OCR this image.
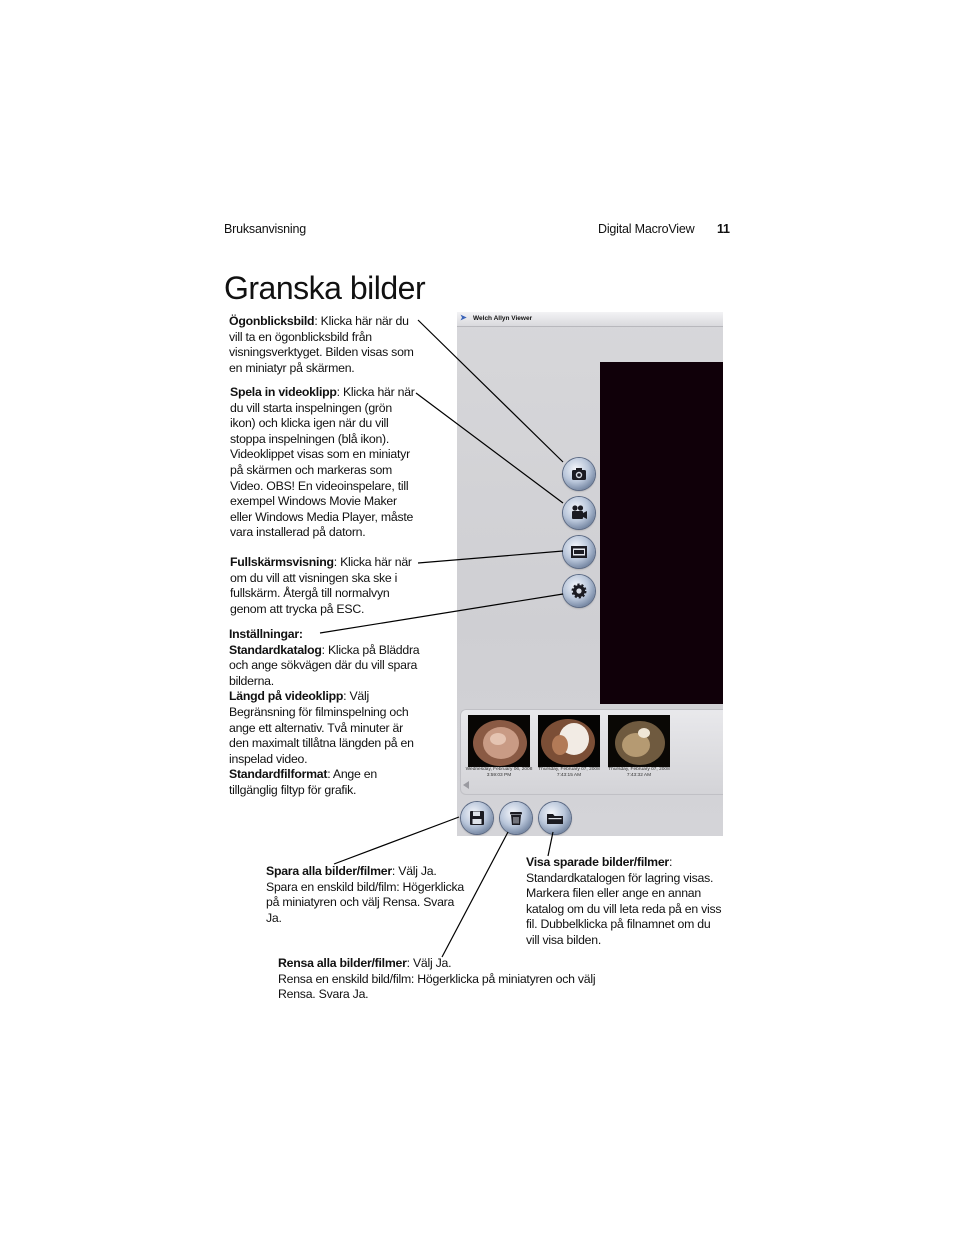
Bruksanvisning	Digital MacroView 11
Granska bilder
Ögonblicksbild: Klicka här när du vill ta en ögonblicksbild från visningsverktyget. Bilden visas som en miniatyr på skärmen.
Spela in videoklipp: Klicka här när du vill starta inspelningen (grön ikon) och klicka igen när du vill stoppa inspelningen (blå ikon). Videoklippet visas som en miniatyr på skärmen och markeras som Video. OBS! En videoinspelare, till exempel Windows Movie Maker eller Windows Media Player, måste vara installerad på datorn.
Fullskärmsvisning: Klicka här när om du vill att visningen ska ske i fullskärm. Återgå till normalvyn genom att trycka på ESC.
Inställningar:
Standardkatalog: Klicka på Bläddra och ange sökvägen där du vill spara bilderna.
Längd på videoklipp: Välj Begränsning för filminspelning och ange ett alternativ. Två minuter är den maximalt tillåtna längden på en inspelad video.
Standardfilformat: Ange en tillgänglig filtyp för grafik.
Spara alla bilder/filmer: Välj Ja.
Spara en enskild bild/film: Högerklicka på miniatyren och välj Rensa. Svara Ja.
Visa sparade bilder/filmer: Standardkatalogen för lagring visas. Markera filen eller ange en annan katalog om du vill leta reda på en viss fil. Dubbelklicka på filnamnet om du vill visa bilden.
Rensa alla bilder/filmer: Välj Ja.
Rensa en enskild bild/film: Högerklicka på miniatyren och välj Rensa. Svara Ja.
➤ Welch Allyn Viewer
Wednesday, February 06, 2008
3:59:03 PM
Thursday, February 07, 2008
7:43:15 AM
Thursday, February 07, 2008
7:43:32 AM
